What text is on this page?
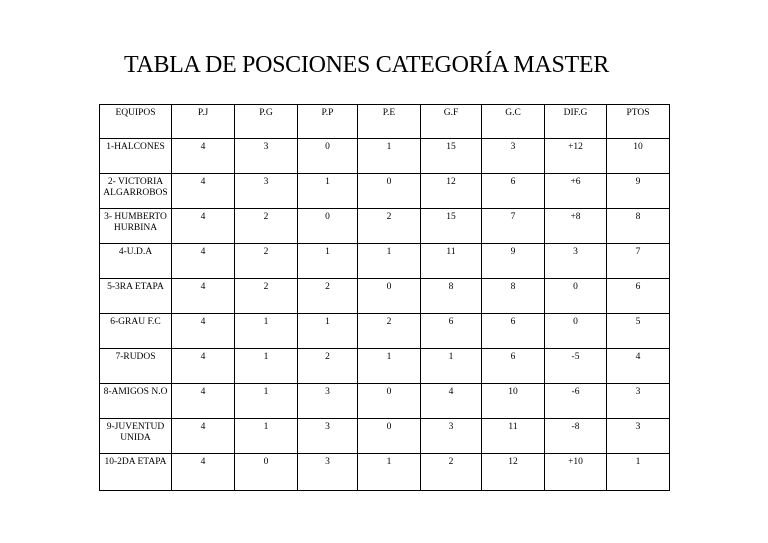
TABLA DE POSCIONES CATEGORÍA MASTER
EQUIPOS	P.J	P.G	P.P	P.E	G.F	G.C	DIF.G	PTOS
1-HALCONES	4	3	0	1	15	3	+12	10
2- VICTORIA ALGARROBOS	4	3	1	0	12	6	+6	9
3- HUMBERTO HURBINA	4	2	0	2	15	7	+8	8
4-U.D.A	4	2	1	1	11	9	3	7
5-3RA ETAPA	4	2	2	0	8	8	0	6
6-GRAU F.C	4	1	1	2	6	6	0	5
7-RUDOS	4	1	2	1	1	6	-5	4
8-AMIGOS N.O	4	1	3	0	4	10	-6	3
9-JUVENTUD UNIDA	4	1	3	0	3	11	-8	3
10-2DA ETAPA	4	0	3	1	2	12	+10	1
